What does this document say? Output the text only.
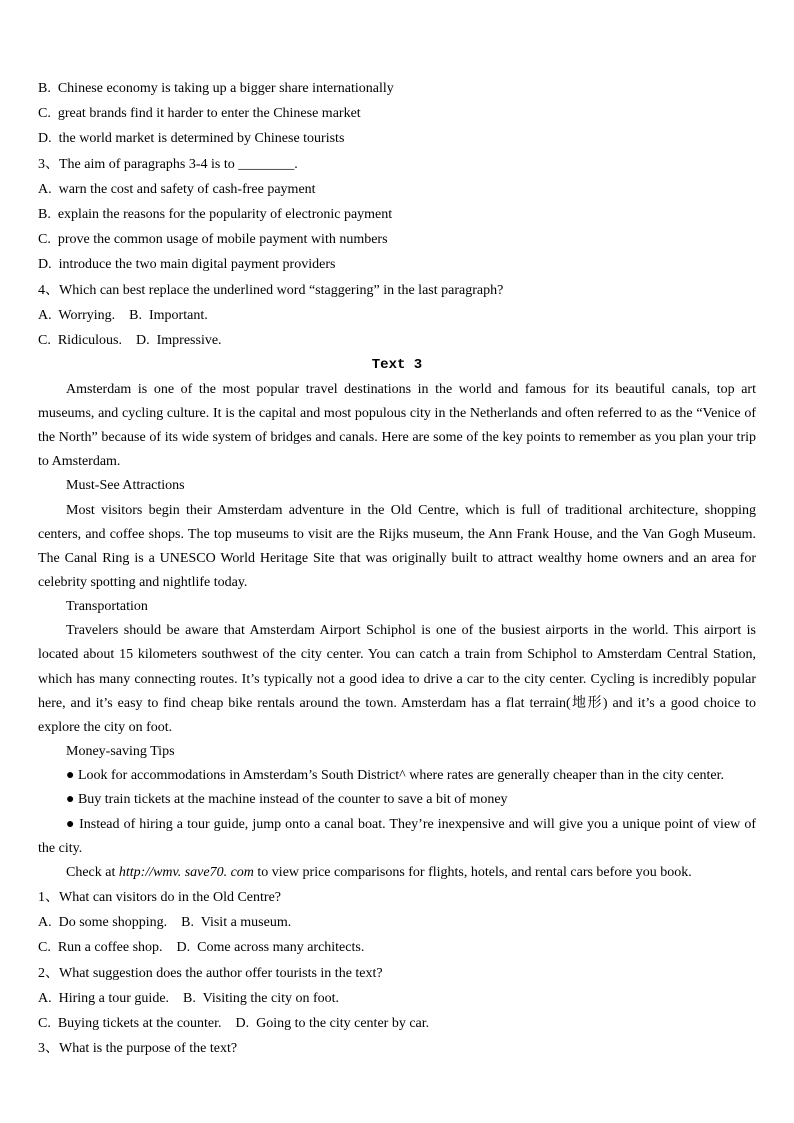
B.  Chinese economy is taking up a bigger share internationally
C.  great brands find it harder to enter the Chinese market
D.  the world market is determined by Chinese tourists
3、The aim of paragraphs 3-4 is to ________.
A.  warn the cost and safety of cash-free payment
B.  explain the reasons for the popularity of electronic payment
C.  prove the common usage of mobile payment with numbers
D.  introduce the two main digital payment providers
4、Which can best replace the underlined word “staggering” in the last paragraph?
A.  Worrying.    B.  Important.
C.  Ridiculous.    D.  Impressive.
Text 3
Amsterdam is one of the most popular travel destinations in the world and famous for its beautiful canals, top art
museums, and cycling culture. It is the capital and most populous city in the Netherlands and often referred to as the “Venice of
the North” because of its wide system of bridges and canals. Here are some of the key points to remember as you plan your trip
to Amsterdam.
Must-See Attractions
Most visitors begin their Amsterdam adventure in the Old Centre, which is full of traditional architecture, shopping
centers, and coffee shops. The top museums to visit are the Rijks museum, the Ann Frank House, and the Van Gogh Museum.
The Canal Ring is a UNESCO World Heritage Site that was originally built to attract wealthy home owners and an area for
celebrity spotting and nightlife today.
Transportation
Travelers should be aware that Amsterdam Airport Schiphol is one of the busiest airports in the world. This airport is
located about 15 kilometers southwest of the city center. You can catch a train from Schiphol to Amsterdam Central Station,
which has many connecting routes. It’s typically not a good idea to drive a car to the city center. Cycling is incredibly popular
here, and it’s easy to find cheap bike rentals around the town. Amsterdam has a flat terrain(地形) and it’s a good choice to
explore the city on foot.
Money-saving Tips
● Look for accommodations in Amsterdam’s South District^ where rates are generally cheaper than in the city center.
● Buy train tickets at the machine instead of the counter to save a bit of money
● Instead of hiring a tour guide, jump onto a canal boat. They’re inexpensive and will give you a unique point of view of
the city.
Check at http://wmv. save70. com to view price comparisons for flights, hotels, and rental cars before you book.
1、What can visitors do in the Old Centre?
A.  Do some shopping.    B.  Visit a museum.
C.  Run a coffee shop.    D.  Come across many architects.
2、What suggestion does the author offer tourists in the text?
A.  Hiring a tour guide.    B.  Visiting the city on foot.
C.  Buying tickets at the counter.    D.  Going to the city center by car.
3、What is the purpose of the text?
